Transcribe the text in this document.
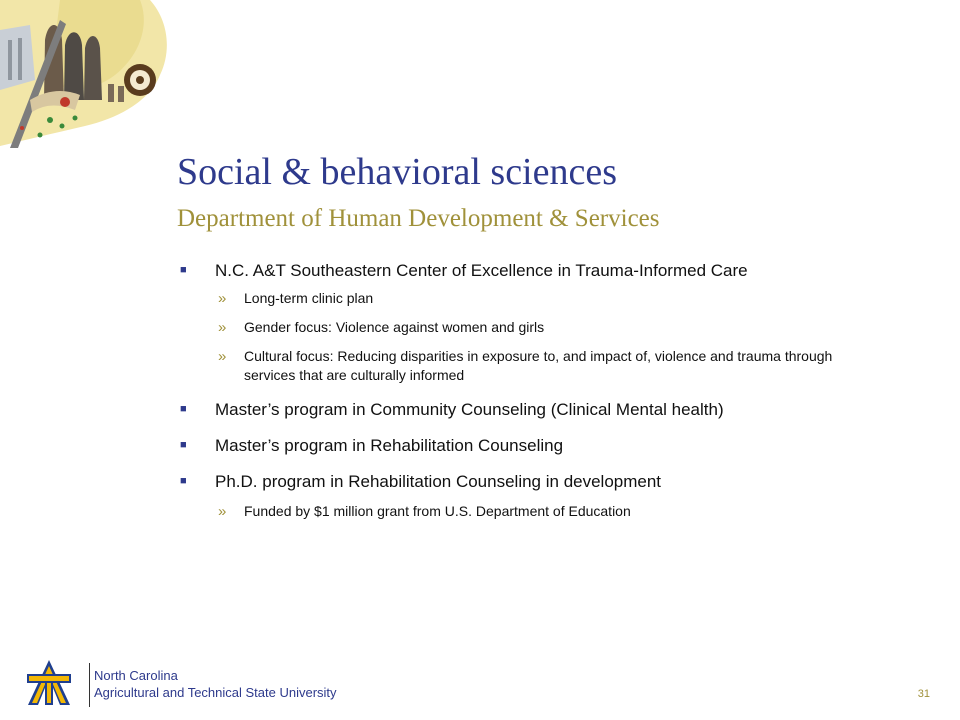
Social & behavioral sciences
Department of Human Development & Services
■ N.C. A&T Southeastern Center of Excellence in Trauma-Informed Care
» Long-term clinic plan
» Gender focus: Violence against women and girls
» Cultural focus: Reducing disparities in exposure to, and impact of, violence and trauma through services that are culturally informed
■ Master’s program in Community Counseling (Clinical Mental health)
■ Master’s program in Rehabilitation Counseling
■ Ph.D. program in Rehabilitation Counseling in development
» Funded by $1 million grant from U.S. Department of Education
North Carolina
Agricultural and Technical State University	31
